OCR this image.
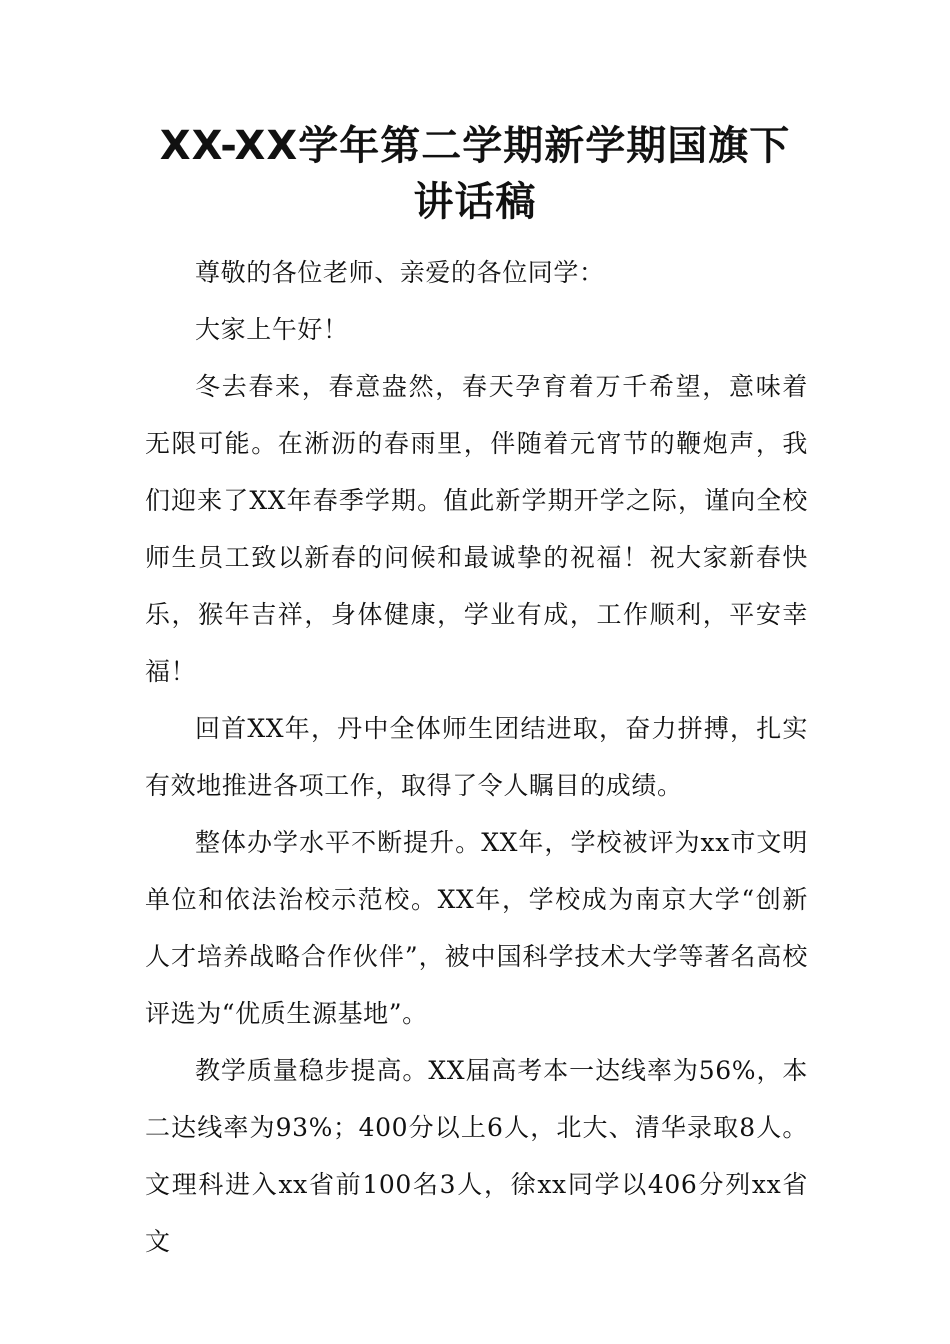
XX-XX学年第二学期新学期国旗下讲话稿

尊敬的各位老师、亲爱的各位同学：

大家上午好！

冬去春来，春意盎然，春天孕育着万千希望，意味着无限可能。在淅沥的春雨里，伴随着元宵节的鞭炮声，我们迎来了XX年春季学期。值此新学期开学之际，谨向全校师生员工致以新春的问候和最诚挚的祝福！祝大家新春快乐，猴年吉祥，身体健康，学业有成，工作顺利，平安幸福！

回首XX年，丹中全体师生团结进取，奋力拼搏，扎实有效地推进各项工作，取得了令人瞩目的成绩。

整体办学水平不断提升。XX年，学校被评为xx市文明单位和依法治校示范校。XX年，学校成为南京大学“创新人才培养战略合作伙伴”，被中国科学技术大学等著名高校评选为“优质生源基地”。

教学质量稳步提高。XX届高考本一达线率为56%，本二达线率为93%；400分以上6人，北大、清华录取8人。文理科进入xx省前100名3人，徐xx同学以406分列xx省文
